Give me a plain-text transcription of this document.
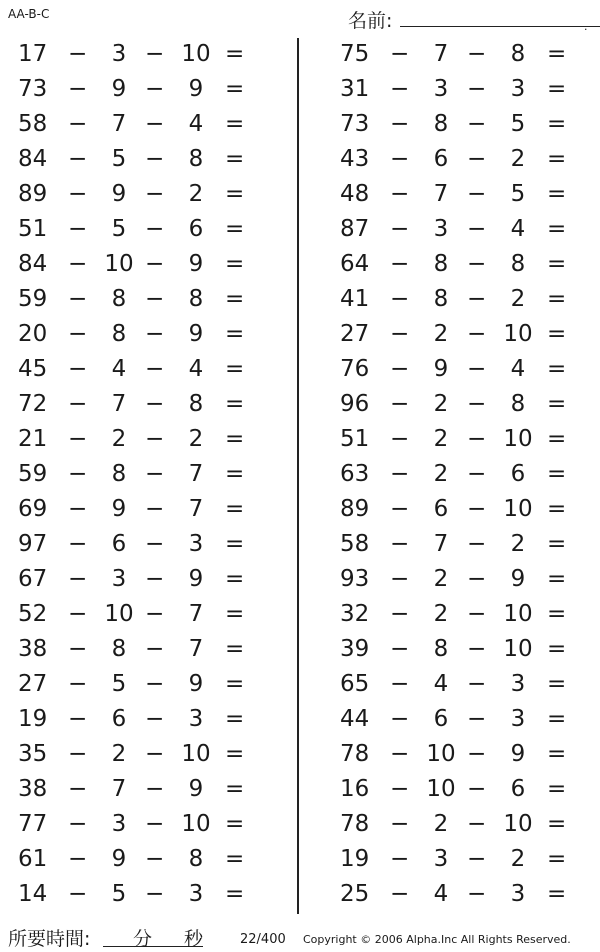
AA-B-C	名前:	.
17 −	3 − 10 =
73 −	9 −	9 =
58 −	7 −	4 =
84 −	5 −	8 =
89 −	9 −	2 =
51 −	5 −	6 =
84 − 10 −	9 =
59 −	8 −	8 =
20 −	8 −	9 =
45 −	4 −	4 =
72 −	7 −	8 =
21 −	2 −	2 =
59 −	8 −	7 =
69 −	9 −	7 =
97 −	6 −	3 =
67 −	3 −	9 =
52 − 10 −	7 =
38 −	8 −	7 =
27 −	5 −	9 =
19 −	6 −	3 =
35 −	2 − 10 =
38 −	7 −	9 =
77 −	3 − 10 =
61 −	9 −	8 =
14 −	5 −	3 =
75 −	7 −	8 =
31 −	3 −	3 =
73 −	8 −	5 =
43 −	6 −	2 =
48 −	7 −	5 =
87 −	3 −	4 =
64 −	8 −	8 =
41 −	8 −	2 =
27 −	2 − 10 =
76 −	9 −	4 =
96 −	2 −	8 =
51 −	2 − 10 =
63 −	2 −	6 =
89 −	6 − 10 =
58 −	7 −	2 =
93 −	2 −	9 =
32 −	2 − 10 =
39 −	8 − 10 =
65 −	4 −	3 =
44 −	6 −	3 =
78 − 10 −	9 =
16 − 10 −	6 =
78 −	2 − 10 =
19 −	3 −	2 =
25 −	4 −	3 =
所要時間: 分 秒	22/400 Copyright © 2006 Alpha.Inc All Rights Reserved.
